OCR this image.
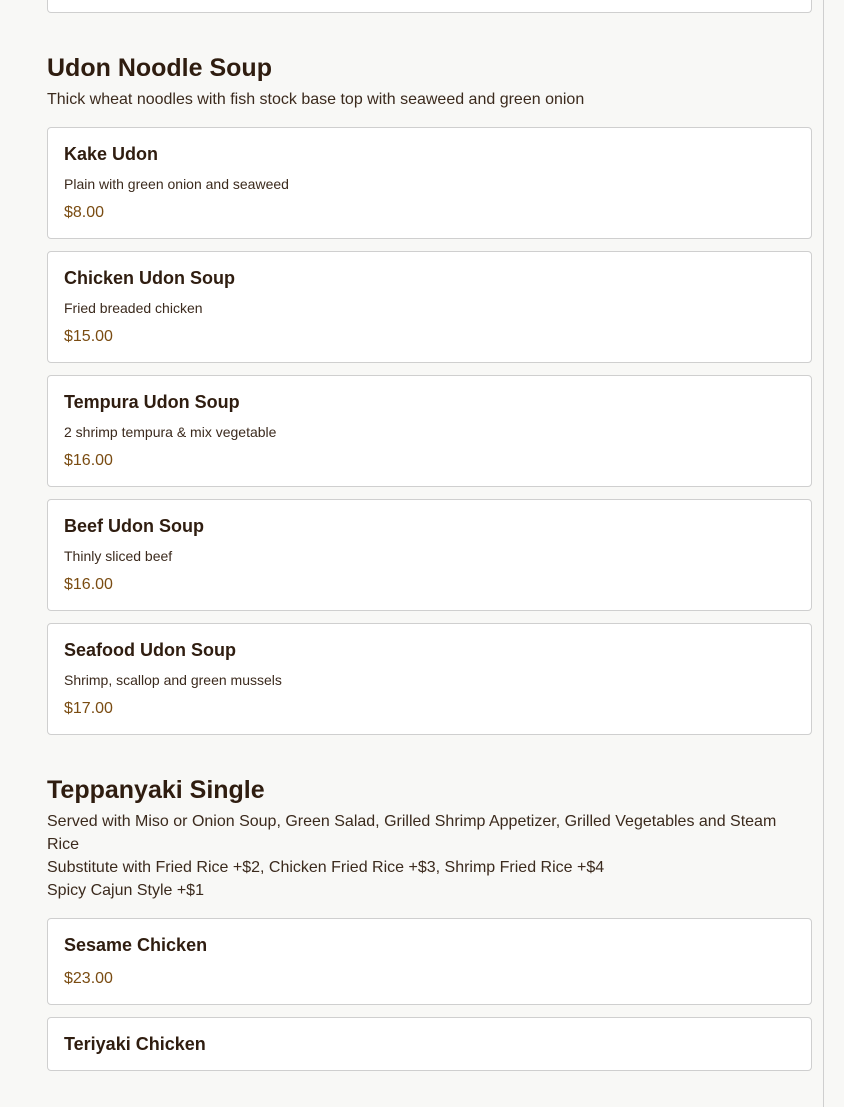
Udon Noodle Soup
Thick wheat noodles with fish stock base top with seaweed and green onion
Kake Udon
Plain with green onion and seaweed
$8.00
Chicken Udon Soup
Fried breaded chicken
$15.00
Tempura Udon Soup
2 shrimp tempura & mix vegetable
$16.00
Beef Udon Soup
Thinly sliced beef
$16.00
Seafood Udon Soup
Shrimp, scallop and green mussels
$17.00
Teppanyaki Single
Served with Miso or Onion Soup, Green Salad, Grilled Shrimp Appetizer, Grilled Vegetables and Steam Rice
Substitute with Fried Rice +$2, Chicken Fried Rice +$3, Shrimp Fried Rice +$4
Spicy Cajun Style +$1
Sesame Chicken
$23.00
Teriyaki Chicken
